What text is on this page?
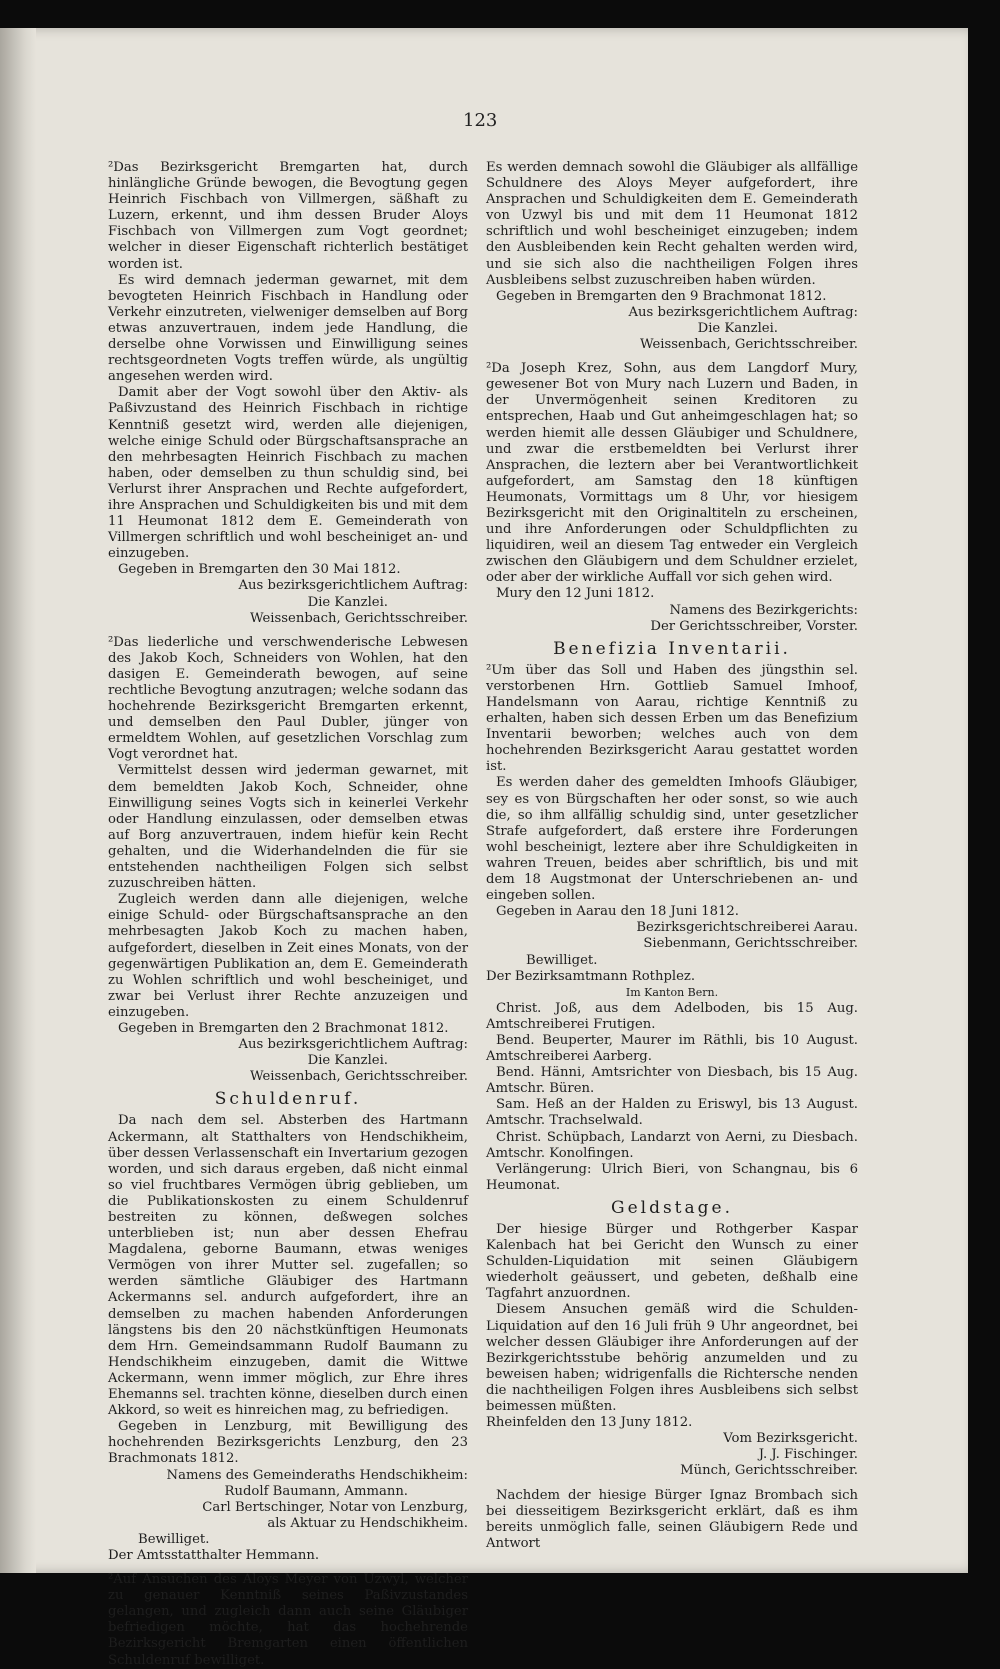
123

²Das Bezirksgericht Bremgarten hat, durch hinlängliche Gründe bewogen, die Bevogtung gegen Heinrich Fischbach von Villmergen, säßhaft zu Luzern, erkennt, und ihm dessen Bruder Aloys Fischbach von Villmergen zum Vogt geordnet; welcher in dieser Eigenschaft richterlich bestätiget worden ist.

Es wird demnach jederman gewarnet, mit dem bevogteten Heinrich Fischbach in Handlung oder Verkehr einzutreten, vielweniger demselben auf Borg etwas anzuvertrauen, indem jede Handlung, die derselbe ohne Vorwissen und Einwilligung seines rechtsgeordneten Vogts treffen würde, als ungültig angesehen werden wird.

Damit aber der Vogt sowohl über den Aktiv- als Paßivzustand des Heinrich Fischbach in richtige Kenntniß gesetzt wird, werden alle diejenigen, welche einige Schuld oder Bürgschaftsansprache an den mehrbesagten Heinrich Fischbach zu machen haben, oder demselben zu thun schuldig sind, bei Verlurst ihrer Ansprachen und Rechte aufgefordert, ihre Ansprachen und Schuldigkeiten bis und mit dem 11 Heumonat 1812 dem E. Gemeinderath von Villmergen schriftlich und wohl bescheiniget an- und einzugeben.

Gegeben in Bremgarten den 30 Mai 1812.

Aus bezirksgerichtlichem Auftrag:

Die Kanzlei.

Weissenbach, Gerichtsschreiber.

²Das liederliche und verschwenderische Lebwesen des Jakob Koch, Schneiders von Wohlen, hat den dasigen E. Gemeinderath bewogen, auf seine rechtliche Bevogtung anzutragen; welche sodann das hochehrende Bezirksgericht Bremgarten erkennt, und demselben den Paul Dubler, jünger von ermeldtem Wohlen, auf gesetzlichen Vorschlag zum Vogt verordnet hat.

Vermittelst dessen wird jederman gewarnet, mit dem bemeldten Jakob Koch, Schneider, ohne Einwilligung seines Vogts sich in keinerlei Verkehr oder Handlung einzulassen, oder demselben etwas auf Borg anzuvertrauen, indem hiefür kein Recht gehalten, und die Widerhandelnden die für sie entstehenden nachtheiligen Folgen sich selbst zuzuschreiben hätten.

Zugleich werden dann alle diejenigen, welche einige Schuld- oder Bürgschaftsansprache an den mehrbesagten Jakob Koch zu machen haben, aufgefordert, dieselben in Zeit eines Monats, von der gegenwärtigen Publikation an, dem E. Gemeinderath zu Wohlen schriftlich und wohl bescheiniget, und zwar bei Verlust ihrer Rechte anzuzeigen und einzugeben.

Gegeben in Bremgarten den 2 Brachmonat 1812.

Aus bezirksgerichtlichem Auftrag:

Die Kanzlei.

Weissenbach, Gerichtsschreiber.

Schuldenruf.

Da nach dem sel. Absterben des Hartmann Ackermann, alt Statthalters von Hendschikheim, über dessen Verlassenschaft ein Invertarium gezogen worden, und sich daraus ergeben, daß nicht einmal so viel fruchtbares Vermögen übrig geblieben, um die Publikationskosten zu einem Schuldenruf bestreiten zu können, deßwegen solches unterblieben ist; nun aber dessen Ehefrau Magdalena, geborne Baumann, etwas weniges Vermögen von ihrer Mutter sel. zugefallen; so werden sämtliche Gläubiger des Hartmann Ackermanns sel. andurch aufgefordert, ihre an demselben zu machen habenden Anforderungen längstens bis den 20 nächstkünftigen Heumonats dem Hrn. Gemeindsammann Rudolf Baumann zu Hendschikheim einzugeben, damit die Wittwe Ackermann, wenn immer möglich, zur Ehre ihres Ehemanns sel. trachten könne, dieselben durch einen Akkord, so weit es hinreichen mag, zu befriedigen.

Gegeben in Lenzburg, mit Bewilligung des hochehrenden Bezirksgerichts Lenzburg, den 23 Brachmonats 1812.

Namens des Gemeinderaths Hendschikheim:

Rudolf Baumann, Ammann.

Carl Bertschinger, Notar von Lenzburg,

als Aktuar zu Hendschikheim.

Bewilliget.

Der Amtsstatthalter Hemmann.

²Auf Ansuchen des Aloys Meyer von Uzwyl, welcher zu genauer Kenntniß seines Paßivzustandes gelangen, und zugleich dann auch seine Gläubiger befriedigen möchte, hat das hochehrende Bezirksgericht Bremgarten einen öffentlichen Schuldenruf bewilliget.

Es werden demnach sowohl die Gläubiger als allfällige Schuldnere des Aloys Meyer aufgefordert, ihre Ansprachen und Schuldigkeiten dem E. Gemeinderath von Uzwyl bis und mit dem 11 Heumonat 1812 schriftlich und wohl bescheiniget einzugeben; indem den Ausbleibenden kein Recht gehalten werden wird, und sie sich also die nachtheiligen Folgen ihres Ausbleibens selbst zuzuschreiben haben würden.

Gegeben in Bremgarten den 9 Brachmonat 1812.

Aus bezirksgerichtlichem Auftrag:

Die Kanzlei.

Weissenbach, Gerichtsschreiber.

²Da Joseph Krez, Sohn, aus dem Langdorf Mury, gewesener Bot von Mury nach Luzern und Baden, in der Unvermögenheit seinen Kreditoren zu entsprechen, Haab und Gut anheimgeschlagen hat; so werden hiemit alle dessen Gläubiger und Schuldnere, und zwar die erstbemeldten bei Verlurst ihrer Ansprachen, die leztern aber bei Verantwortlichkeit aufgefordert, am Samstag den 18 künftigen Heumonats, Vormittags um 8 Uhr, vor hiesigem Bezirksgericht mit den Originaltiteln zu erscheinen, und ihre Anforderungen oder Schuldpflichten zu liquidiren, weil an diesem Tag entweder ein Vergleich zwischen den Gläubigern und dem Schuldner erzielet, oder aber der wirkliche Auffall vor sich gehen wird.

Mury den 12 Juni 1812.

Namens des Bezirkgerichts:

Der Gerichtsschreiber, Vorster.

Benefizia Inventarii.

²Um über das Soll und Haben des jüngsthin sel. verstorbenen Hrn. Gottlieb Samuel Imhoof, Handelsmann von Aarau, richtige Kenntniß zu erhalten, haben sich dessen Erben um das Benefizium Inventarii beworben; welches auch von dem hochehrenden Bezirksgericht Aarau gestattet worden ist.

Es werden daher des gemeldten Imhoofs Gläubiger, sey es von Bürgschaften her oder sonst, so wie auch die, so ihm allfällig schuldig sind, unter gesetzlicher Strafe aufgefordert, daß erstere ihre Forderungen wohl bescheinigt, leztere aber ihre Schuldigkeiten in wahren Treuen, beides aber schriftlich, bis und mit dem 18 Augstmonat der Unterschriebenen an- und eingeben sollen.

Gegeben in Aarau den 18 Juni 1812.

Bezirksgerichtschreiberei Aarau.

Siebenmann, Gerichtsschreiber.

Bewilliget.

Der Bezirksamtmann Rothplez.

Im Kanton Bern.

Christ. Joß, aus dem Adelboden, bis 15 Aug. Amtschreiberei Frutigen.

Bend. Beuperter, Maurer im Räthli, bis 10 August. Amtschreiberei Aarberg.

Bend. Hänni, Amtsrichter von Diesbach, bis 15 Aug. Amtschr. Büren.

Sam. Heß an der Halden zu Eriswyl, bis 13 August. Amtschr. Trachselwald.

Christ. Schüpbach, Landarzt von Aerni, zu Diesbach. Amtschr. Konolfingen.

Verlängerung: Ulrich Bieri, von Schangnau, bis 6 Heumonat.

Geldstage.

Der hiesige Bürger und Rothgerber Kaspar Kalenbach hat bei Gericht den Wunsch zu einer Schulden-Liquidation mit seinen Gläubigern wiederholt geäussert, und gebeten, deßhalb eine Tagfahrt anzuordnen.

Diesem Ansuchen gemäß wird die Schulden-Liquidation auf den 16 Juli früh 9 Uhr angeordnet, bei welcher dessen Gläubiger ihre Anforderungen auf der Bezirkgerichtsstube behörig anzumelden und zu beweisen haben; widrigenfalls die Richtersche nenden die nachtheiligen Folgen ihres Ausbleibens sich selbst beimessen müßten.

Rheinfelden den 13 Juny 1812.

Vom Bezirksgericht.

J. J. Fischinger.

Münch, Gerichtsschreiber.

Nachdem der hiesige Bürger Ignaz Brombach sich bei diesseitigem Bezirksgericht erklärt, daß es ihm bereits unmöglich falle, seinen Gläubigern Rede und Antwort
